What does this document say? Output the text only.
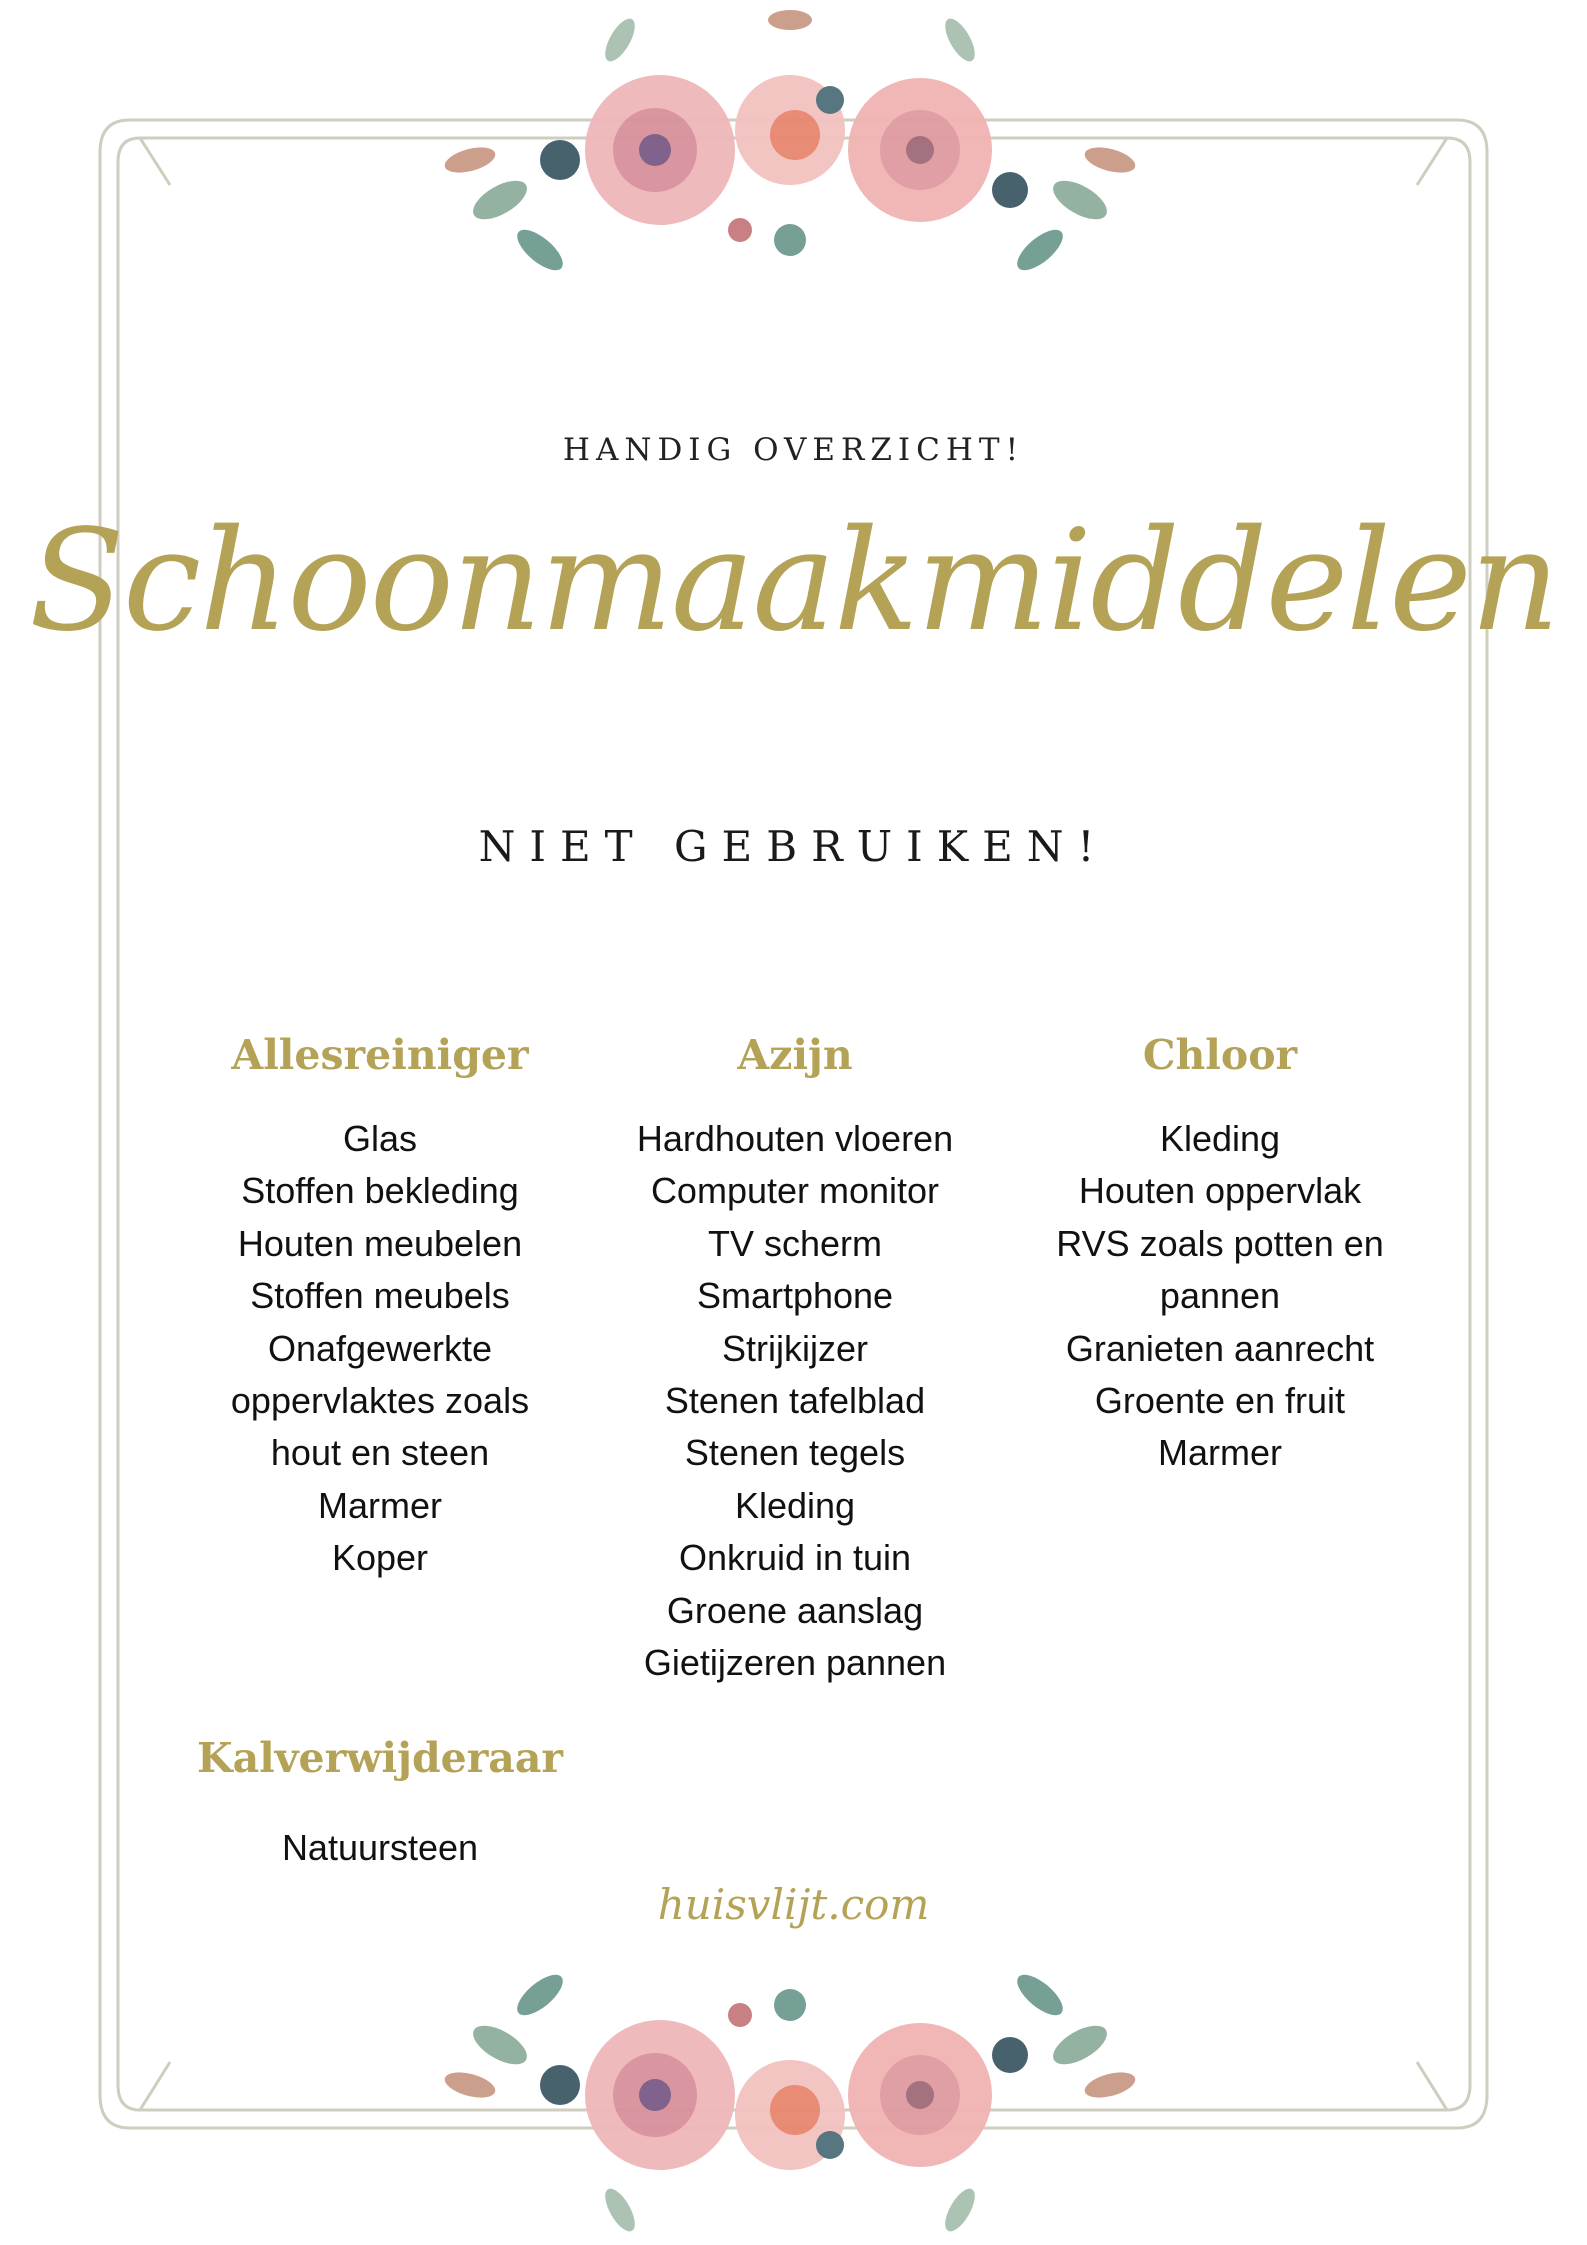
HANDIG OVERZICHT!
Schoonmaakmiddelen
NIET GEBRUIKEN!
Allesreiniger
Glas
Stoffen bekleding
Houten meubelen
Stoffen meubels
Onafgewerkte
oppervlaktes zoals
hout en steen
Marmer
Koper
Azijn
Hardhouten vloeren
Computer monitor
TV scherm
Smartphone
Strijkijzer
Stenen tafelblad
Stenen tegels
Kleding
Onkruid in tuin
Groene aanslag
Gietijzeren pannen
Chloor
Kleding
Houten oppervlak
RVS zoals potten en
pannen
Granieten aanrecht
Groente en fruit
Marmer
Kalverwijderaar
Natuursteen
huisvlijt.com
